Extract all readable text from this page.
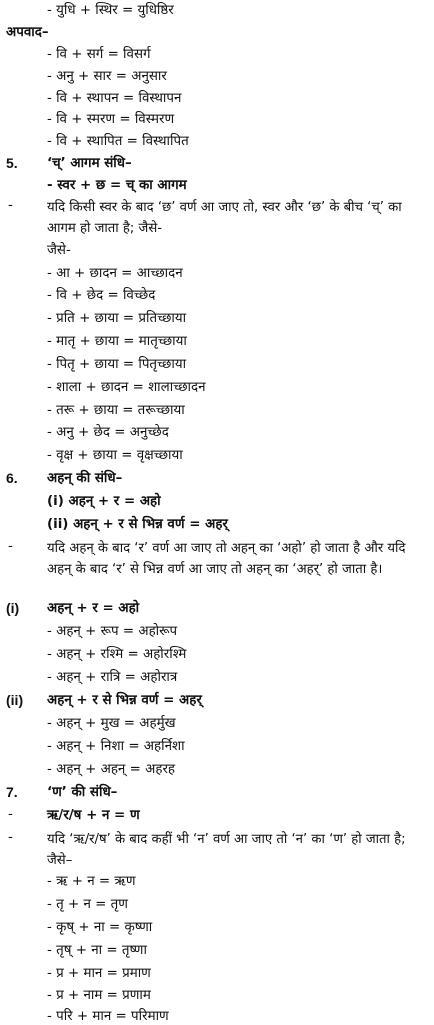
- युधि + स्थिर = युधिष्ठिर
अपवाद–
- वि + सर्ग = विसर्ग
- अनु + सार = अनुसार
- वि + स्थापन = विस्थापन
- वि + स्मरण = विस्मरण
- वि + स्थापित = विस्थापित
‘च्’ आगम संधि–
- स्वर + छ = च् का आगम
जैसे-
- आ + छादन = आच्छादन
- वि + छेद = विच्छेद
- प्रति + छाया = प्रतिच्छाया
- मातृ + छाया = मातृच्छाया
- पितृ + छाया = पितृच्छाया
- शाला + छादन = शालाच्छादन
- तरू + छाया = तरूच्छाया
- अनु + छेद = अनुच्छेद
- वृक्ष + छाया = वृक्षच्छाया
अहन् की संधि–
(i) अहन् + र = अहो
(ii) अहन् + र से भिन्न वर्ण = अहर्
अहन् + र = अहो
- अहन् + रूप = अहोरूप
- अहन् + रश्मि = अहोरश्मि
- अहन् + रात्रि = अहोरात्र
अहन् + र से भिन्न वर्ण = अहर्
- अहन् + मुख = अहर्मुख
- अहन् + निशा = अहर्निशा
- अहन् + अहन् = अहरह
‘ण’ की संधि–
ऋ/र/ष + न = ण
- ऋ + न = ऋण
- तृ + न = तृण
- कृष् + ना = कृष्णा
- तृष् + ना = तृष्णा
- प्र + मान = प्रमाण
- प्र + नाम = प्रणाम
- परि + मान = परिमाण
5.
6.
7.
(i)
(ii)
-
-
-
-
यदि किसी स्वर के बाद ‘छ’ वर्ण आ जाए तो, स्वर और ‘छ’ के बीच ‘च्’ का आगम हो जाता है; जैसे-
यदि अहन् के बाद ‘र’ वर्ण आ जाए तो अहन् का ‘अहो’ हो जाता है और यदि अहन् के बाद ‘र’ से भिन्न वर्ण आ जाए तो अहन् का ‘अहर्’ हो जाता है।
यदि ‘ऋ/र/ष’ के बाद कहीं भी ‘न’ वर्ण आ जाए तो ‘न’ का ‘ण’ हो जाता है; जैसे–
